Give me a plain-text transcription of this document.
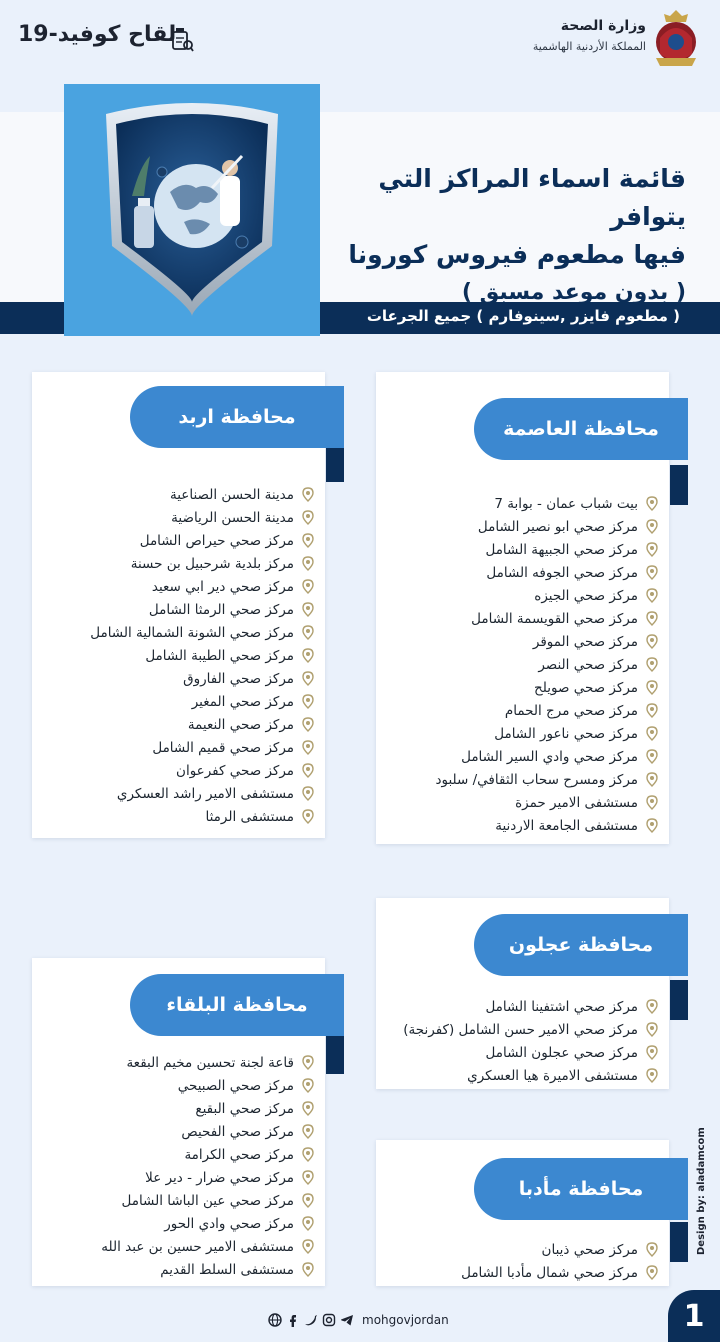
لقاح كوفيد-19	وزارة الصحة
المملكة الأردنية الهاشمية
قائمة اسماء المراكز التي يتوافر
فيها مطعوم فيروس كورونا
( بدون موعد مسبق )
( مطعوم فايزر ,سينوفارم ) جميع الجرعات
محافظة العاصمة
بيت شباب عمان - بوابة 7
مركز صحي ابو نصير الشامل
مركز صحي الجبيهة الشامل
مركز صحي الجوفه الشامل
مركز صحي الجيزه
مركز صحي القويسمة الشامل
مركز صحي الموقر
مركز صحي النصر
مركز صحي صويلح
مركز صحي مرج الحمام
مركز صحي ناعور الشامل
مركز صحي وادي السير الشامل
مركز ومسرح سحاب الثقافي/ سلبود
مستشفى الامير حمزة
مستشفى الجامعة الاردنية
محافظة اربد
مدينة الحسن الصناعية
مدينة الحسن الرياضية
مركز صحي حيراص الشامل
مركز بلدية شرحبيل بن حسنة
مركز صحي دير ابي سعيد
مركز صحي الرمثا الشامل
مركز صحي الشونة الشمالية الشامل
مركز صحي الطيبة الشامل
مركز صحي الفاروق
مركز صحي المغير
مركز صحي النعيمة
مركز صحي قميم الشامل
مركز صحي كفرعوان
مستشفى الامير راشد العسكري
مستشفى الرمثا
محافظة عجلون
مركز صحي اشتفينا الشامل
مركز صحي الامير حسن الشامل (كفرنجة)
مركز صحي عجلون الشامل
مستشفى الاميرة هيا العسكري
محافظة البلقاء
قاعة لجنة تحسين مخيم البقعة
مركز صحي الصبيحي
مركز صحي البقيع
مركز صحي الفحيص
مركز صحي الكرامة
مركز صحي ضرار - دير علا
مركز صحي عين الباشا الشامل
مركز صحي وادي الحور
مستشفى الامير حسين بن عبد الله
مستشفى السلط القديم
محافظة مأدبا
مركز صحي ذيبان
مركز صحي شمال مأدبا الشامل
Design by: aladamcom
mohgovjordan	1
